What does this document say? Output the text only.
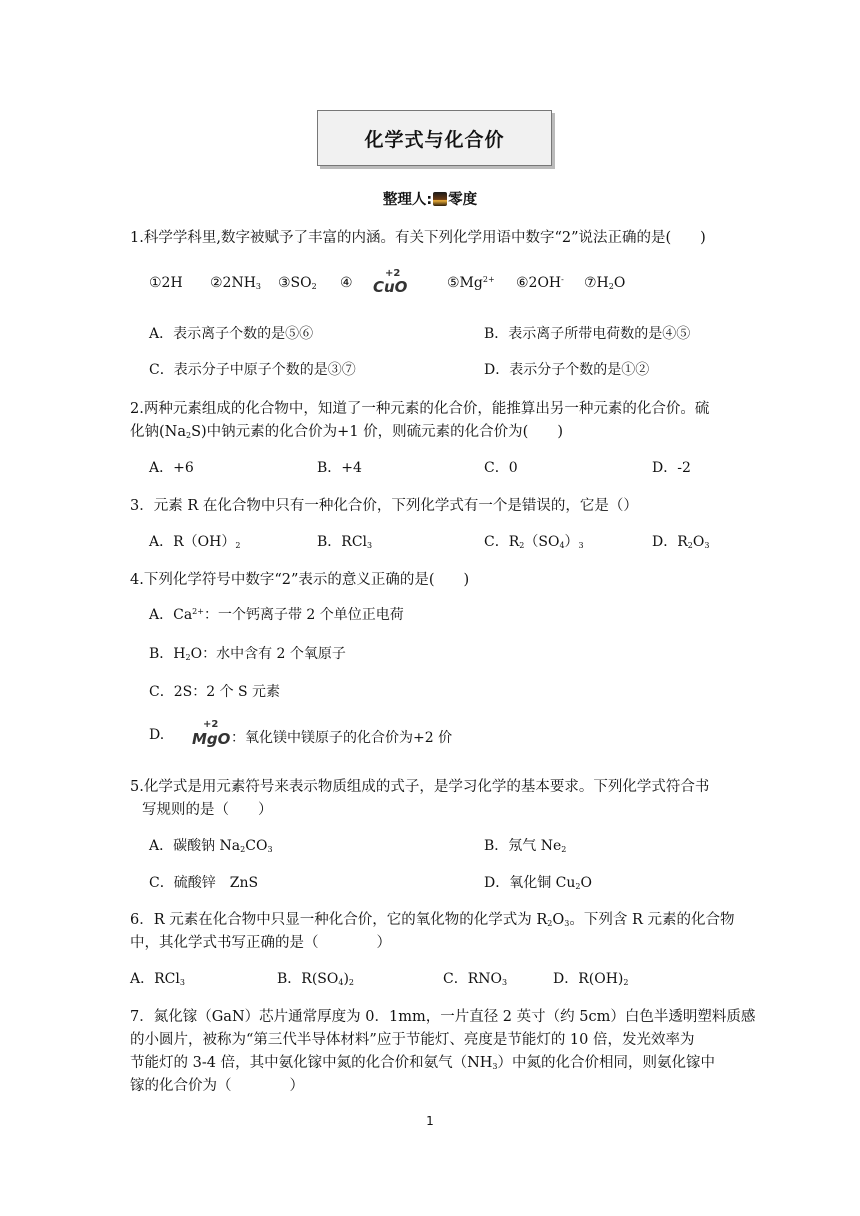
化学式与化合价
整理人: 零度
1.科学学科里,数字被赋予了丰富的内涵。有关下列化学用语中数字“2”说法正确的是(　　)
①2H $②2NH_3$ $③SO_2$ ④
+2
CuO	$⑤Mg^{2+}$ ⑥2OH- $⑦H_2O$
A．表示离子个数的是⑤⑥	B．表示离子所带电荷数的是④⑤
C．表示分子中原子个数的是③⑦	D．表示分子个数的是①②
2.两种元素组成的化合物中，知道了一种元素的化合价，能推算出另一种元素的化合价。硫
化钠$(Na_2S)$中钠元素的化合价为+1 价，则硫元素的化合价为(　　)
A．+6	B．+4	C．0	D．-2
3．元素 R 在化合物中只有一种化合价，下列化学式有一个是错误的，它是（）
A．$R(OH)_2$	B．RCl$_3$	C．$R_2(SO_4)_3$	D．$R_2O_3$
4.下列化学符号中数字“2”表示的意义正确的是(　　)
A．$Ca^{2+}$：一个钙离子带 2 个单位正电荷
B．$H_2O$：水中含有 2 个氧原子
C．2S：2 个 S 元素
D.
+2
MgO ：氧化镁中镁原子的化合价为+2 价
5.化学式是用元素符号来表示物质组成的式子，是学习化学的基本要求。下列化学式符合书
写规则的是（　　）
A．碳酸钠 $Na_2CO_3$	B．氖气 $Ne_2$
C．硫酸锌　ZnS	D．氧化铜 $Cu_2O$
6．R 元素在化合物中只显一种化合价，它的氧化物的化学式为 $R_2O_3$。下列含 R 元素的化合物
中，其化学式书写正确的是（　　　　）
A．RCl$_3$	B．$R(SO_4)_2$	C．$RNO_3$	D．$R(OH)_2$
7．氮化镓（GaN）芯片通常厚度为 0．1mm，一片直径 2 英寸（约 5cm）白色半透明塑料质感
的小圆片，被称为“第三代半导体材料”应于节能灯、亮度是节能灯的 10 倍，发光效率为
节能灯的 3-4 倍，其中氨化镓中氮的化合价和氨气$(NH_3)$中氮的化合价相同，则氨化镓中
镓的化合价为（　　　　）
1
